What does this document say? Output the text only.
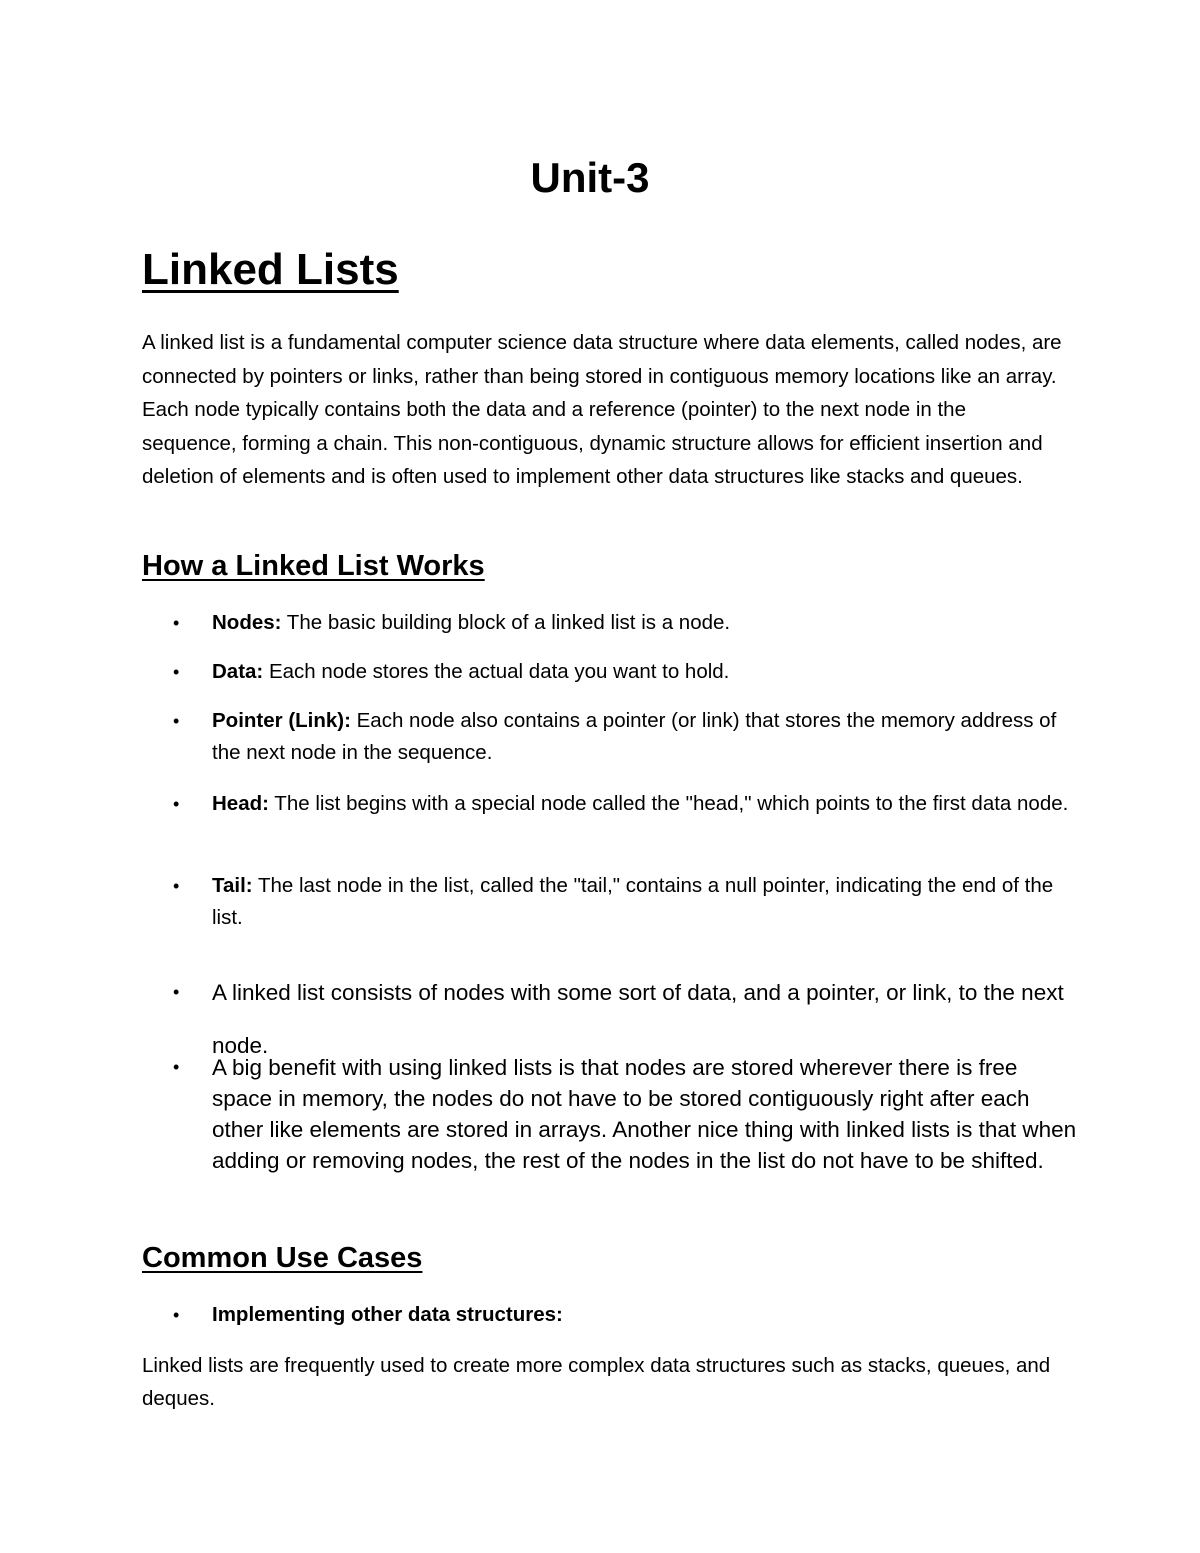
Unit-3
Linked Lists

A linked list is a fundamental computer science data structure where data elements, called nodes, are connected by pointers or links, rather than being stored in contiguous memory locations like an array. Each node typically contains both the data and a reference (pointer) to the next node in the sequence, forming a chain. This non-contiguous, dynamic structure allows for efficient insertion and deletion of elements and is often used to implement other data structures like stacks and queues.

How a Linked List Works

• Nodes: The basic building block of a linked list is a node.

• Data: Each node stores the actual data you want to hold.

• Pointer (Link): Each node also contains a pointer (or link) that stores the memory address of the next node in the sequence.

• Head: The list begins with a special node called the "head," which points to the first data node.

• Tail: The last node in the list, called the "tail," contains a null pointer, indicating the end of the list.

• A linked list consists of nodes with some sort of data, and a pointer, or link, to the next node.

• A big benefit with using linked lists is that nodes are stored wherever there is free space in memory, the nodes do not have to be stored contiguously right after each other like elements are stored in arrays. Another nice thing with linked lists is that when adding or removing nodes, the rest of the nodes in the list do not have to be shifted.

Common Use Cases

• Implementing other data structures:

Linked lists are frequently used to create more complex data structures such as stacks, queues, and deques.
